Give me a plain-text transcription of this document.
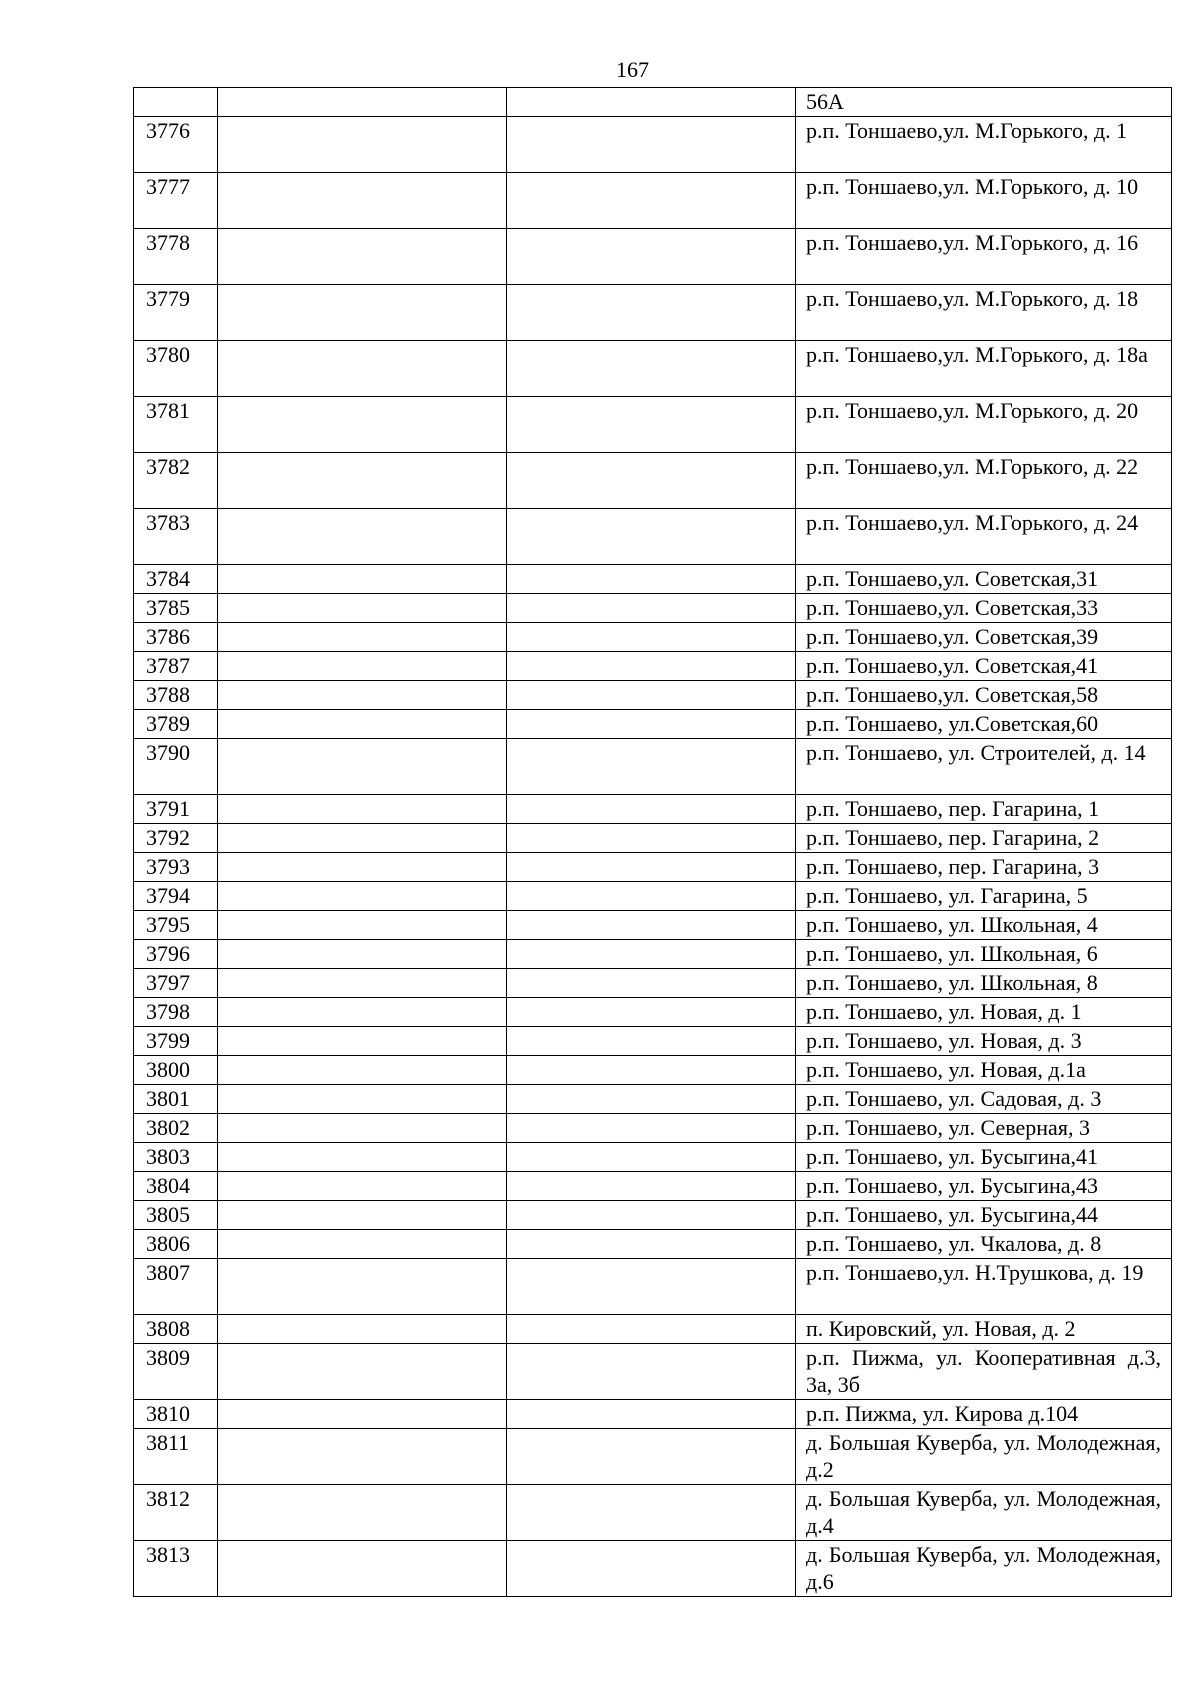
167
			56А
3776			р.п. Тоншаево,ул. М.Горького, д. 1
3777			р.п. Тоншаево,ул. М.Горького, д. 10
3778			р.п. Тоншаево,ул. М.Горького, д. 16
3779			р.п. Тоншаево,ул. М.Горького, д. 18
3780			р.п. Тоншаево,ул. М.Горького, д. 18а
3781			р.п. Тоншаево,ул. М.Горького, д. 20
3782			р.п. Тоншаево,ул. М.Горького, д. 22
3783			р.п. Тоншаево,ул. М.Горького, д. 24
3784			р.п. Тоншаево,ул. Советская,31
3785			р.п. Тоншаево,ул. Советская,33
3786			р.п. Тоншаево,ул. Советская,39
3787			р.п. Тоншаево,ул. Советская,41
3788			р.п. Тоншаево,ул. Советская,58
3789			р.п. Тоншаево, ул.Советская,60
3790			р.п. Тоншаево, ул. Строителей, д. 14
3791			р.п. Тоншаево, пер. Гагарина, 1
3792			р.п. Тоншаево, пер. Гагарина, 2
3793			р.п. Тоншаево, пер. Гагарина, 3
3794			р.п. Тоншаево, ул. Гагарина, 5
3795			р.п. Тоншаево, ул. Школьная, 4
3796			р.п. Тоншаево, ул. Школьная, 6
3797			р.п. Тоншаево, ул. Школьная, 8
3798			р.п. Тоншаево, ул. Новая, д. 1
3799			р.п. Тоншаево, ул. Новая, д. 3
3800			р.п. Тоншаево, ул. Новая, д.1а
3801			р.п. Тоншаево, ул. Садовая, д. 3
3802			р.п. Тоншаево, ул. Северная, 3
3803			р.п. Тоншаево, ул. Бусыгина,41
3804			р.п. Тоншаево, ул. Бусыгина,43
3805			р.п. Тоншаево, ул. Бусыгина,44
3806			р.п. Тоншаево, ул. Чкалова, д. 8
3807			р.п. Тоншаево,ул. Н.Трушкова, д. 19
3808			п. Кировский, ул. Новая, д. 2
3809			р.п. Пижма, ул. Кооперативная д.3, 3а, 3б
3810			р.п. Пижма, ул. Кирова д.104
3811			д. Большая Куверба, ул. Молодежная, д.2
3812			д. Большая Куверба, ул. Молодежная, д.4
3813			д. Большая Куверба, ул. Молодежная, д.6
